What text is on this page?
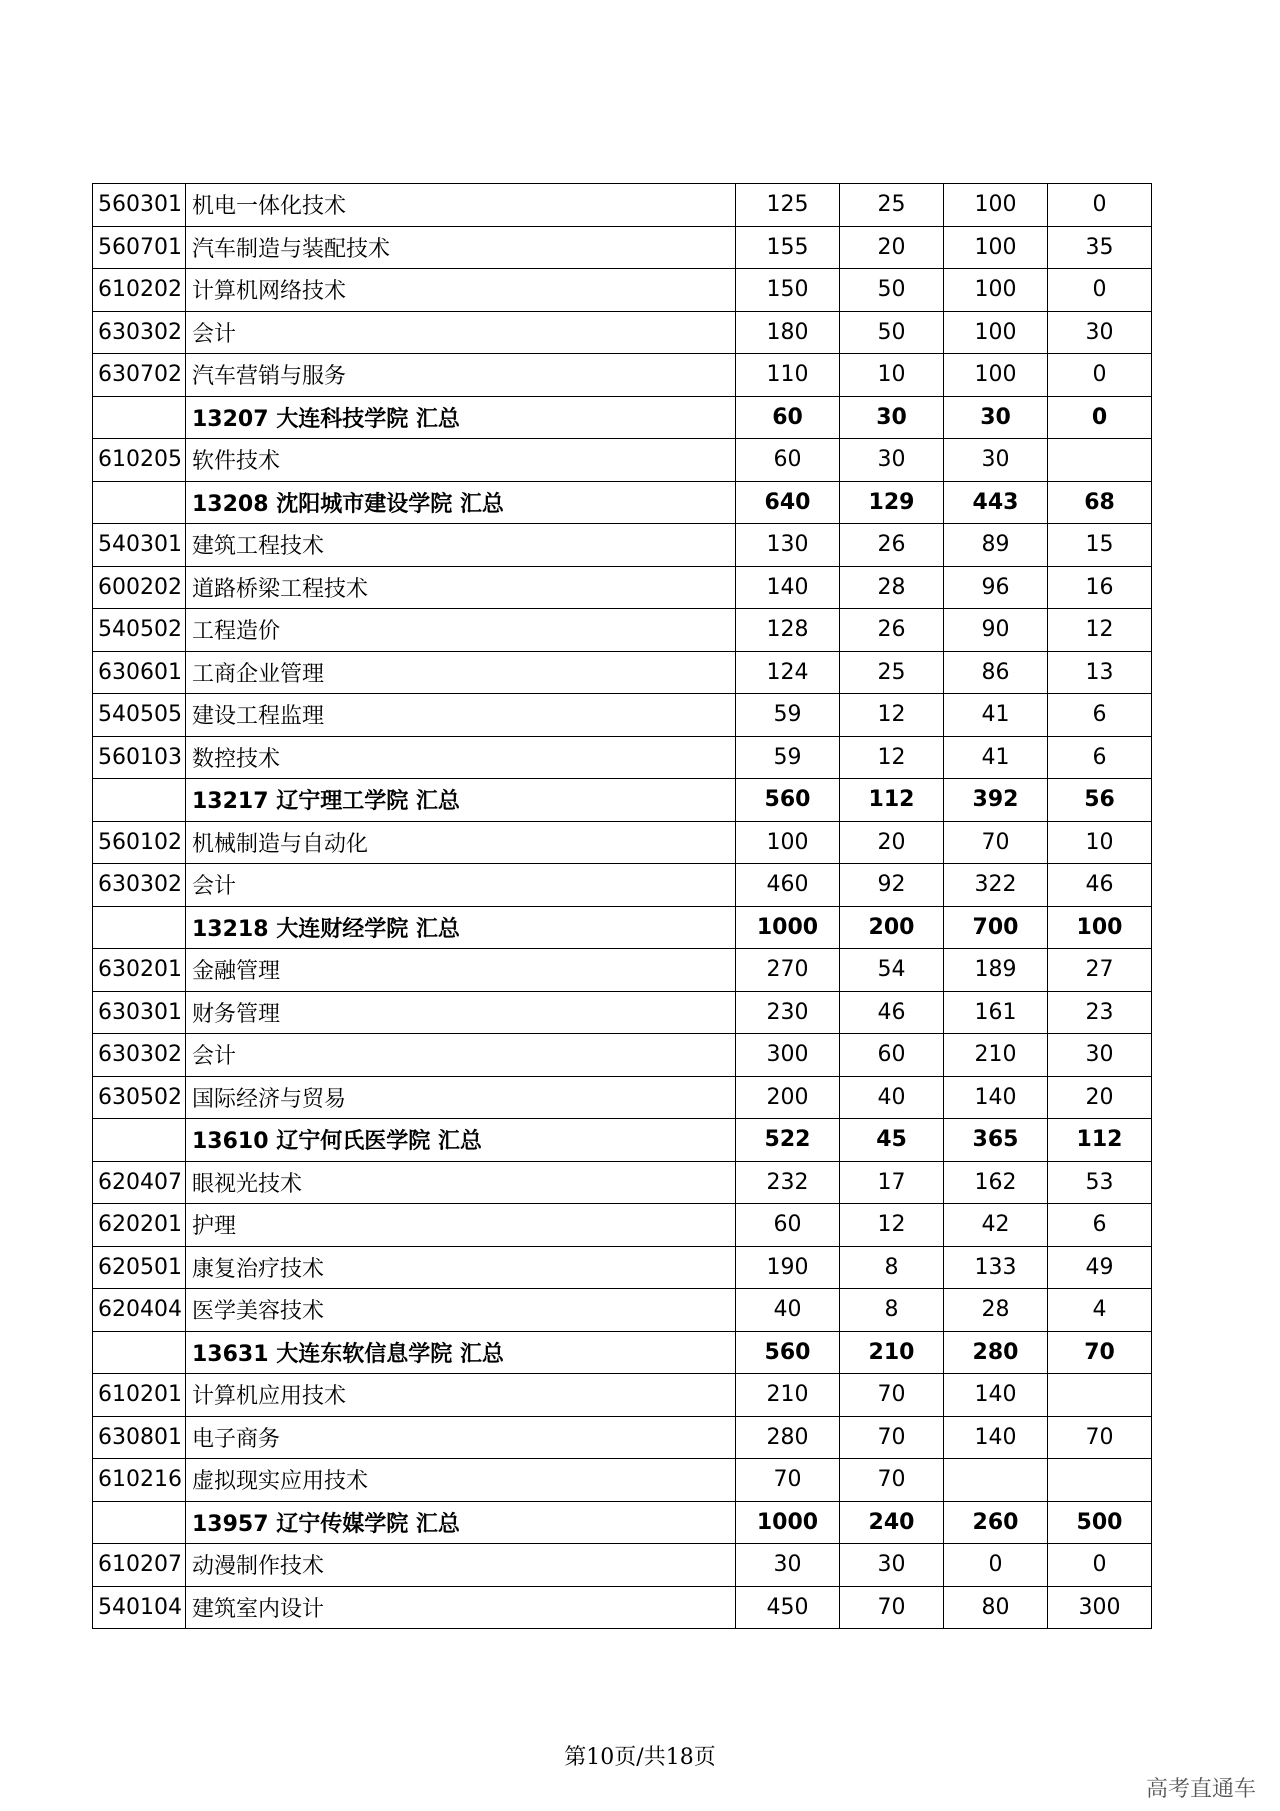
560301	机电一体化技术	125	25	100	0
560701	汽车制造与装配技术	155	20	100	35
610202	计算机网络技术	150	50	100	0
630302	会计	180	50	100	30
630702	汽车营销与服务	110	10	100	0
	13207 大连科技学院 汇总	60	30	30	0
610205	软件技术	60	30	30	
	13208 沈阳城市建设学院 汇总	640	129	443	68
540301	建筑工程技术	130	26	89	15
600202	道路桥梁工程技术	140	28	96	16
540502	工程造价	128	26	90	12
630601	工商企业管理	124	25	86	13
540505	建设工程监理	59	12	41	6
560103	数控技术	59	12	41	6
	13217 辽宁理工学院 汇总	560	112	392	56
560102	机械制造与自动化	100	20	70	10
630302	会计	460	92	322	46
	13218 大连财经学院 汇总	1000	200	700	100
630201	金融管理	270	54	189	27
630301	财务管理	230	46	161	23
630302	会计	300	60	210	30
630502	国际经济与贸易	200	40	140	20
	13610 辽宁何氏医学院 汇总	522	45	365	112
620407	眼视光技术	232	17	162	53
620201	护理	60	12	42	6
620501	康复治疗技术	190	8	133	49
620404	医学美容技术	40	8	28	4
	13631 大连东软信息学院 汇总	560	210	280	70
610201	计算机应用技术	210	70	140	
630801	电子商务	280	70	140	70
610216	虚拟现实应用技术	70	70		
	13957 辽宁传媒学院 汇总	1000	240	260	500
610207	动漫制作技术	30	30	0	0
540104	建筑室内设计	450	70	80	300
第10页/共18页
高考直通车
